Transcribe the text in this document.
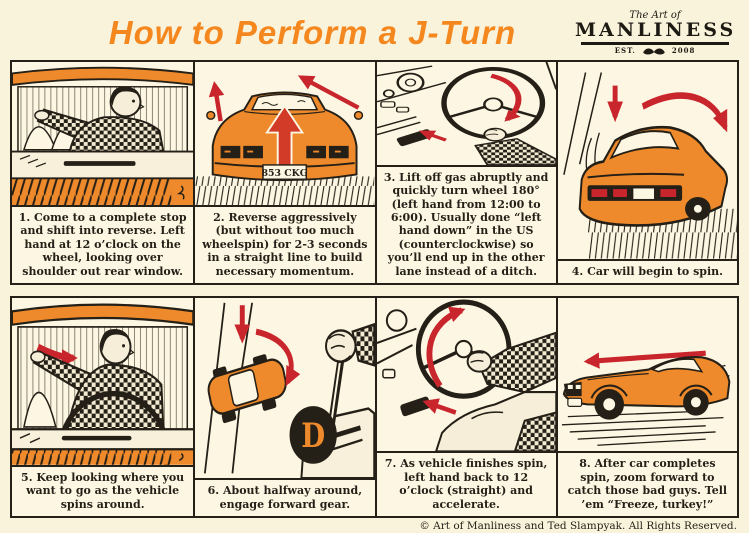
How to Perform a J-Turn	The Art of
MANLINESS
EST.	2008
1. Come to a complete stop and shift into reverse. Left hand at 12 o’clock on the wheel, looking over shoulder out rear window.
853 CKG
2. Reverse aggressively (but without too much wheelspin) for 2-3 seconds in a straight line to build necessary momentum.
3. Lift off gas abruptly and quickly turn wheel 180° (left hand from 12:00 to 6:00). Usually done “left hand down” in the US (counterclockwise) so you’ll end up in the other lane instead of a ditch.	4. Car will begin to spin.
5. Keep looking where you want to go as the vehicle spins around.
D
6. About halfway around, engage forward gear.
7. As vehicle finishes spin, left hand back to 12 o’clock (straight) and accelerate.
8. After car completes spin, zoom forward to catch those bad guys. Tell ’em “Freeze, turkey!”
© Art of Manliness and Ted Slampyak. All Rights Reserved.
